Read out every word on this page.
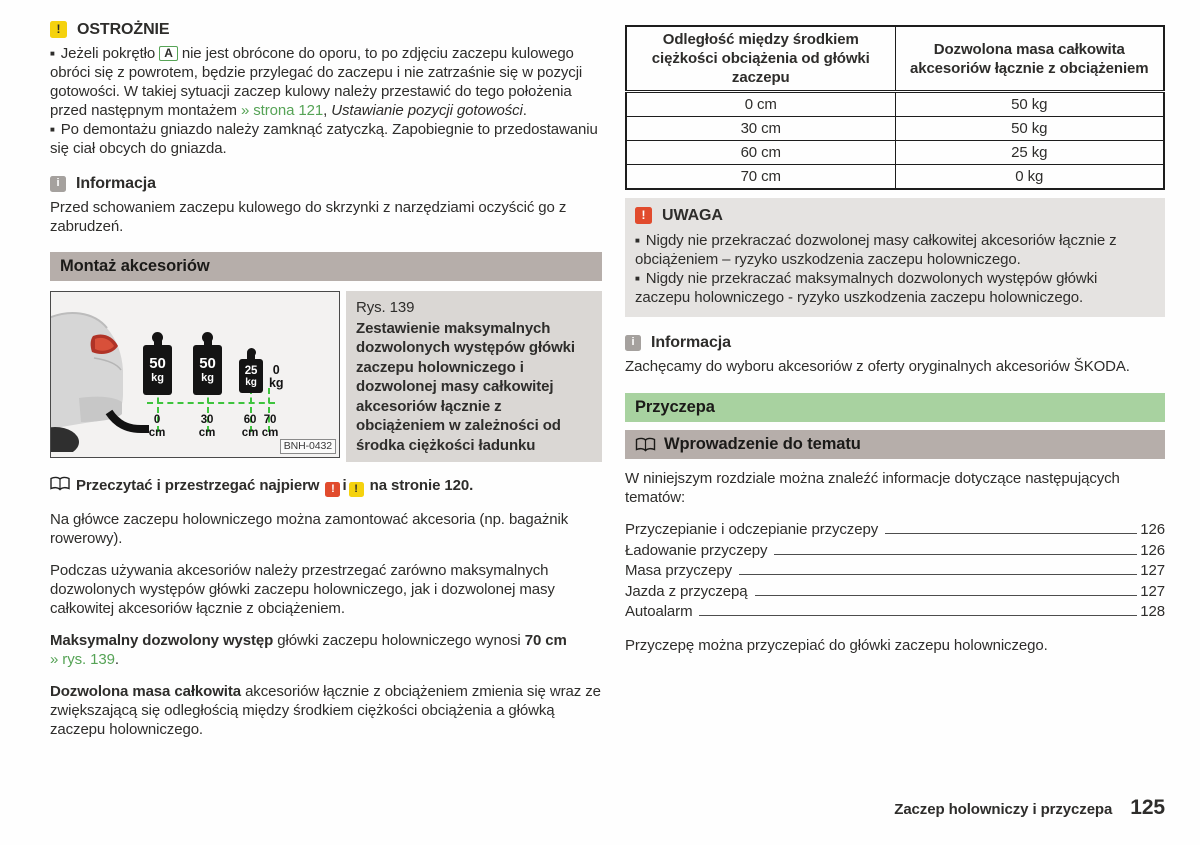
!	OSTROŻNIE

■ Jeżeli pokrętło A nie jest obrócone do oporu, to po zdjęciu zaczepu kulowego obróci się z powrotem, będzie przylegać do zaczepu i nie zatrzaśnie się w pozycji gotowości. W takiej sytuacji zaczep kulowy należy przestawić do tego położenia przed następnym montażem » strona 121, Ustawianie pozycji gotowości.

■ Po demontażu gniazdo należy zamknąć zatyczką. Zapobiegnie to przedostawaniu się ciał obcych do gniazda.

i	Informacja

Przed schowaniem zaczepu kulowego do skrzynki z narzędziami oczyścić go z zabrudzeń.

Montaż akcesoriów
50
kg
50
kg
25
kg
0
kg
0
cm
30
cm
60
cm
70
cm
BNH-0432
Rys. 139
Zestawienie maksymalnych dozwolonych występów główki zaczepu holowniczego i dozwolonej masy całkowitej akcesoriów łącznie z obciążeniem w zależności od środka ciężkości ładunku

Przeczytać i przestrzegać najpierw ! i ! na stronie 120.

Na główce zaczepu holowniczego można zamontować akcesoria (np. bagażnik rowerowy).

Podczas używania akcesoriów należy przestrzegać zarówno maksymalnych dozwolonych występów główki zaczepu holowniczego, jak i dozwolonej masy całkowitej akcesoriów łącznie z obciążeniem.

Maksymalny dozwolony występ główki zaczepu holowniczego wynosi 70 cm
» rys. 139.

Dozwolona masa całkowita akcesoriów łącznie z obciążeniem zmienia się wraz ze zwiększającą się odległością między środkiem ciężkości obciążenia a główką zaczepu holowniczego.

Odległość między środkiem ciężkości obciążenia od główki zaczepu	Dozwolona masa całkowita akcesoriów łącznie z obciążeniem
0 cm	50 kg
30 cm	50 kg
60 cm	25 kg
70 cm	0 kg
!	UWAGA

■ Nigdy nie przekraczać dozwolonej masy całkowitej akcesoriów łącznie z obciążeniem – ryzyko uszkodzenia zaczepu holowniczego.

■ Nigdy nie przekraczać maksymalnych dozwolonych występów główki zaczepu holowniczego - ryzyko uszkodzenia zaczepu holowniczego.

i	Informacja

Zachęcamy do wyboru akcesoriów z oferty oryginalnych akcesoriów ŠKODA.

Przyczepa
Wprowadzenie do tematu

W niniejszym rozdziale można znaleźć informacje dotyczące następujących tematów:

Przyczepianie i odczepianie przyczepy	126
Ładowanie przyczepy	126
Masa przyczepy	127
Jazda z przyczepą	127
Autoalarm	128

Przyczepę można przyczepiać do główki zaczepu holowniczego.

Zaczep holowniczy i przyczepa 125
